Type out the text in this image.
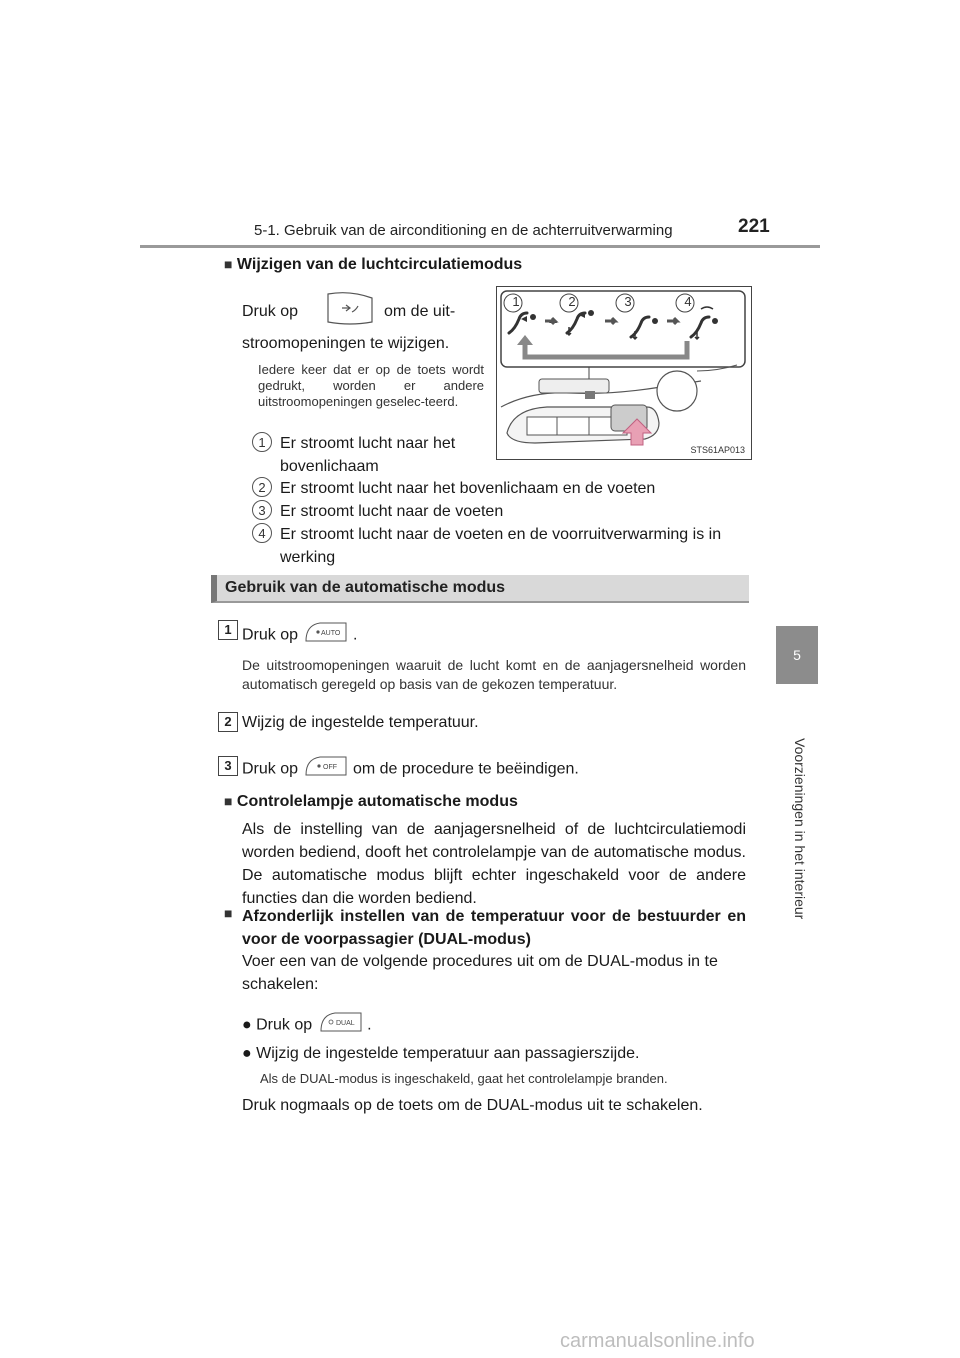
5-1. Gebruik van de airconditioning en de achterruitverwarming	221
5
Voorzieningen in het interieur
■ Wijzigen van de luchtcirculatiemodus
Druk op	om de uit-
stroomopeningen te wijzigen.
Iedere keer dat er op de toets wordt gedrukt, worden er andere uitstroomopeningen geselec-teerd.
STS61AP013
1	2	3	4
1 Er stroomt lucht naar het bovenlichaam
2 Er stroomt lucht naar het bovenlichaam en de voeten
3 Er stroomt lucht naar de voeten
4 Er stroomt lucht naar de voeten en de voorruitverwarming is in werking
Gebruik van de automatische modus
1 Druk op	AUTO .
De uitstroomopeningen waaruit de lucht komt en de aanjagersnelheid worden automatisch geregeld op basis van de gekozen temperatuur.
2 Wijzig de ingestelde temperatuur.
3 Druk op	OFF om de procedure te beëindigen.
■ Controlelampje automatische modus
Als de instelling van de aanjagersnelheid of de luchtcirculatiemodi worden bediend, dooft het controlelampje van de automatische modus. De automatische modus blijft echter ingeschakeld voor de andere functies dan die worden bediend.
■ Afzonderlijk instellen van de temperatuur voor de bestuurder en voor de voorpassagier (DUAL-modus)
Voer een van de volgende procedures uit om de DUAL-modus in te schakelen:
● Druk op	DUAL .
● Wijzig de ingestelde temperatuur aan passagierszijde.
Als de DUAL-modus is ingeschakeld, gaat het controlelampje branden.
Druk nogmaals op de toets om de DUAL-modus uit te schakelen.
carmanualsonline.info
